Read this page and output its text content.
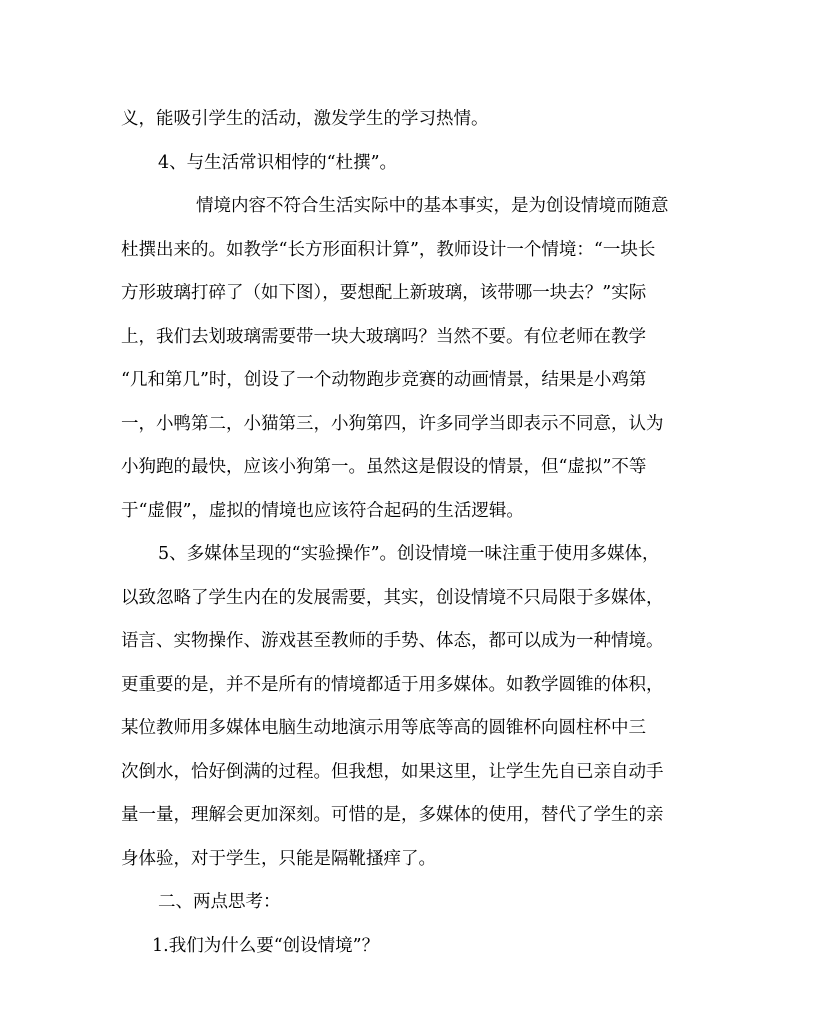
义，能吸引学生的活动，激发学生的学习热情。
4、与生活常识相悖的“杜撰”。
情境内容不符合生活实际中的基本事实，是为创设情境而随意
杜撰出来的。如教学“长方形面积计算”，教师设计一个情境：“一块长
方形玻璃打碎了（如下图），要想配上新玻璃，该带哪一块去？”实际
上，我们去划玻璃需要带一块大玻璃吗？当然不要。有位老师在教学
“几和第几”时，创设了一个动物跑步竞赛的动画情景，结果是小鸡第
一，小鸭第二，小猫第三，小狗第四，许多同学当即表示不同意，认为
小狗跑的最快，应该小狗第一。虽然这是假设的情景，但“虚拟”不等
于“虚假”，虚拟的情境也应该符合起码的生活逻辑。
5、多媒体呈现的“实验操作”。创设情境一味注重于使用多媒体，
以致忽略了学生内在的发展需要，其实，创设情境不只局限于多媒体，
语言、实物操作、游戏甚至教师的手势、体态，都可以成为一种情境。
更重要的是，并不是所有的情境都适于用多媒体。如教学圆锥的体积，
某位教师用多媒体电脑生动地演示用等底等高的圆锥杯向圆柱杯中三
次倒水，恰好倒满的过程。但我想，如果这里，让学生先自已亲自动手
量一量，理解会更加深刻。可惜的是，多媒体的使用，替代了学生的亲
身体验，对于学生，只能是隔靴搔痒了。
二、两点思考：
1.我们为什么要“创设情境”？
